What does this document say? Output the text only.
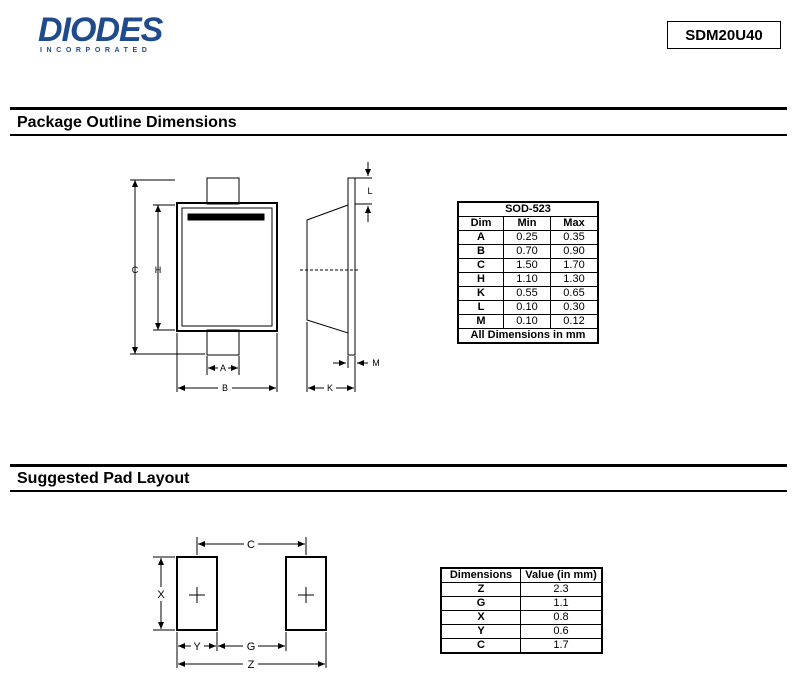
DIODES
INCORPORATED
SDM20U40
Package Outline Dimensions
C H
A
B
L
K
M
SOD-523		
Dim	Min	Max
A	0.25	0.35
B	0.70	0.90
C	1.50	1.70
H	1.10	1.30
K	0.55	0.65
L	0.10	0.30
M	0.10	0.12
All Dimensions in mm		
Suggested Pad Layout
C
X
Y	G
Z
Dimensions	Value (in mm)
Z	2.3
G	1.1
X	0.8
Y	0.6
C	1.7
